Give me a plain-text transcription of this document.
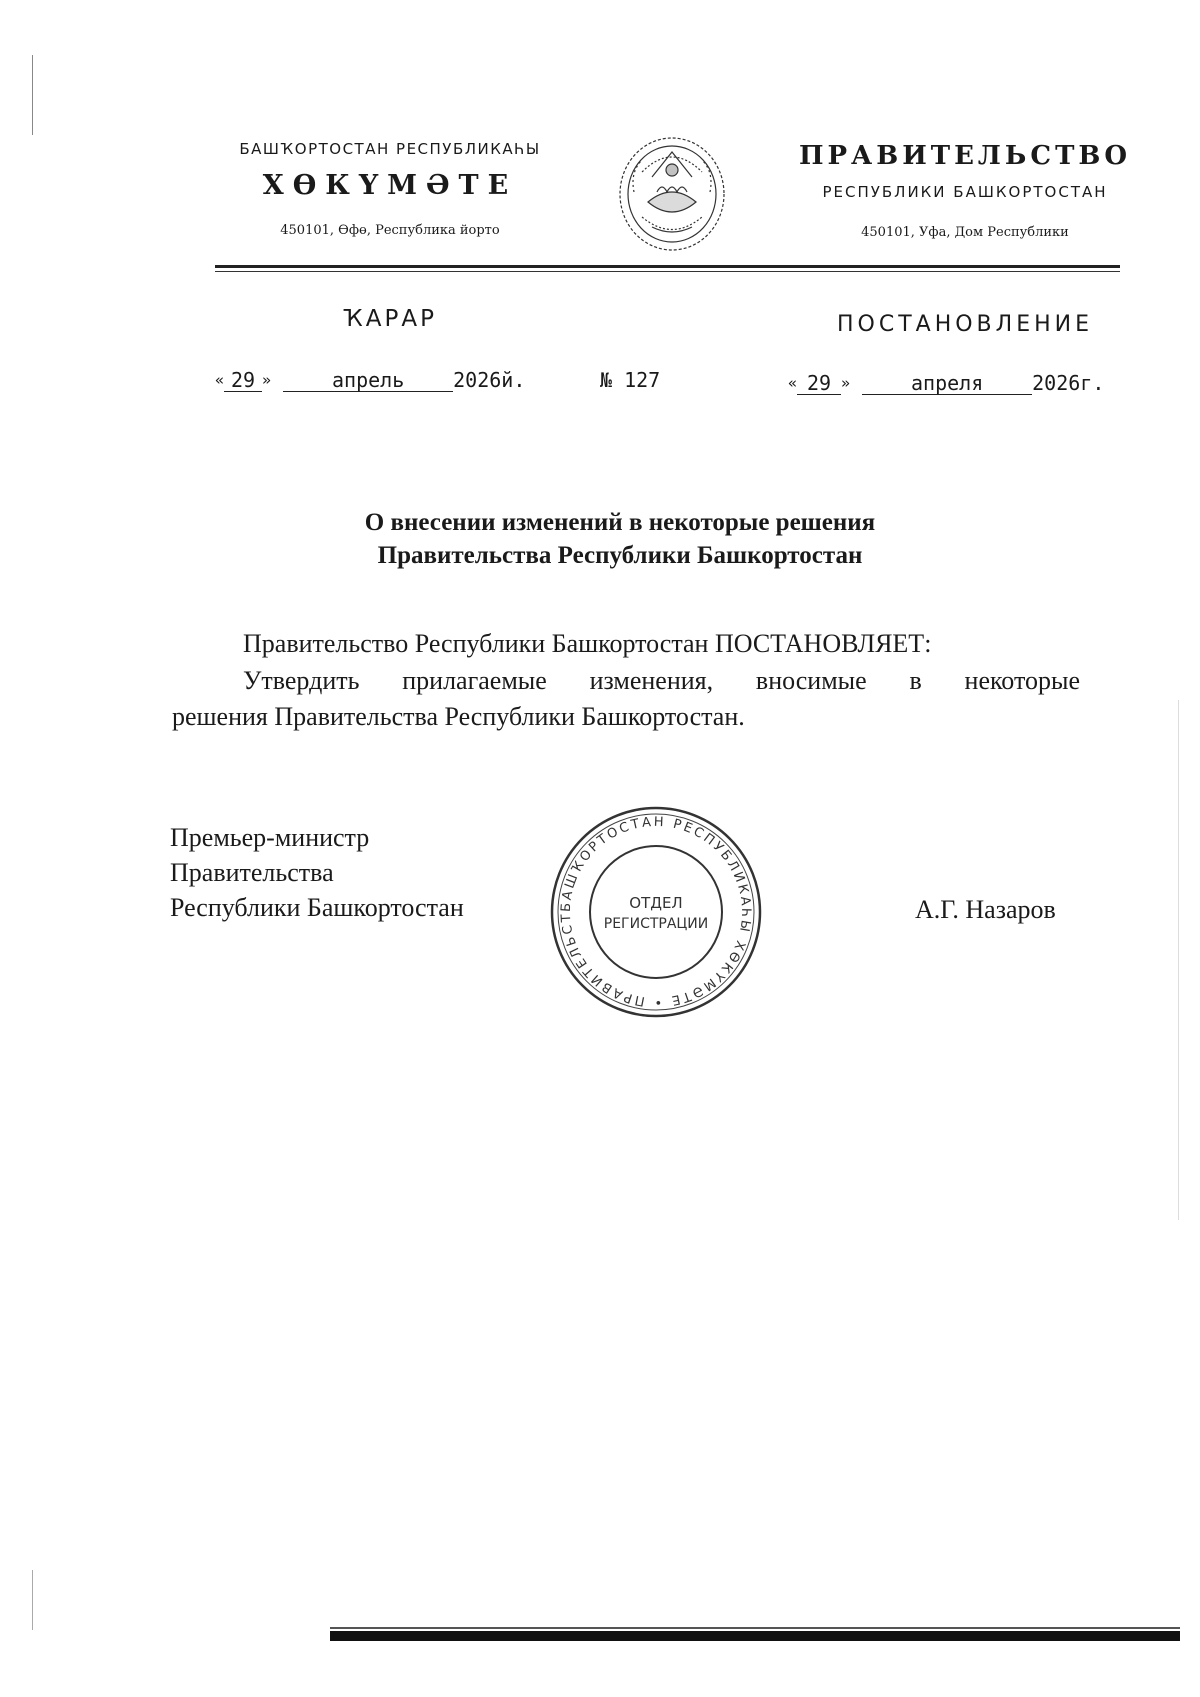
БАШҠОРТОСТАН РЕСПУБЛИКАҺЫ
ХӨКҮМӘТЕ
450101, Өфө, Республика йорто
ПРАВИТЕЛЬСТВО
РЕСПУБЛИКИ БАШКОРТОСТАН
450101, Уфа, Дом Республики
ҠАРАР	ПОСТАНОВЛЕНИЕ
« 29 »	апрель 2026й.	№ 127	« 29 »	апреля 2026г.
О внесении изменений в некоторые решения
Правительства Республики Башкортостан
Правительство Республики Башкортостан ПОСТАНОВЛЯЕТ:
Утвердить прилагаемые изменения, вносимые в некоторые
решения Правительства Республики Башкортостан.
Премьер-министр
Правительства
Республики Башкортостан	А.Г. Назаров
БАШҠОРТОСТАН РЕСПУБЛИКАҺЫ ХӨКҮМӘТЕ • ПРАВИТЕЛЬСТ
ОТДЕЛ
РЕГИСТРАЦИИ
